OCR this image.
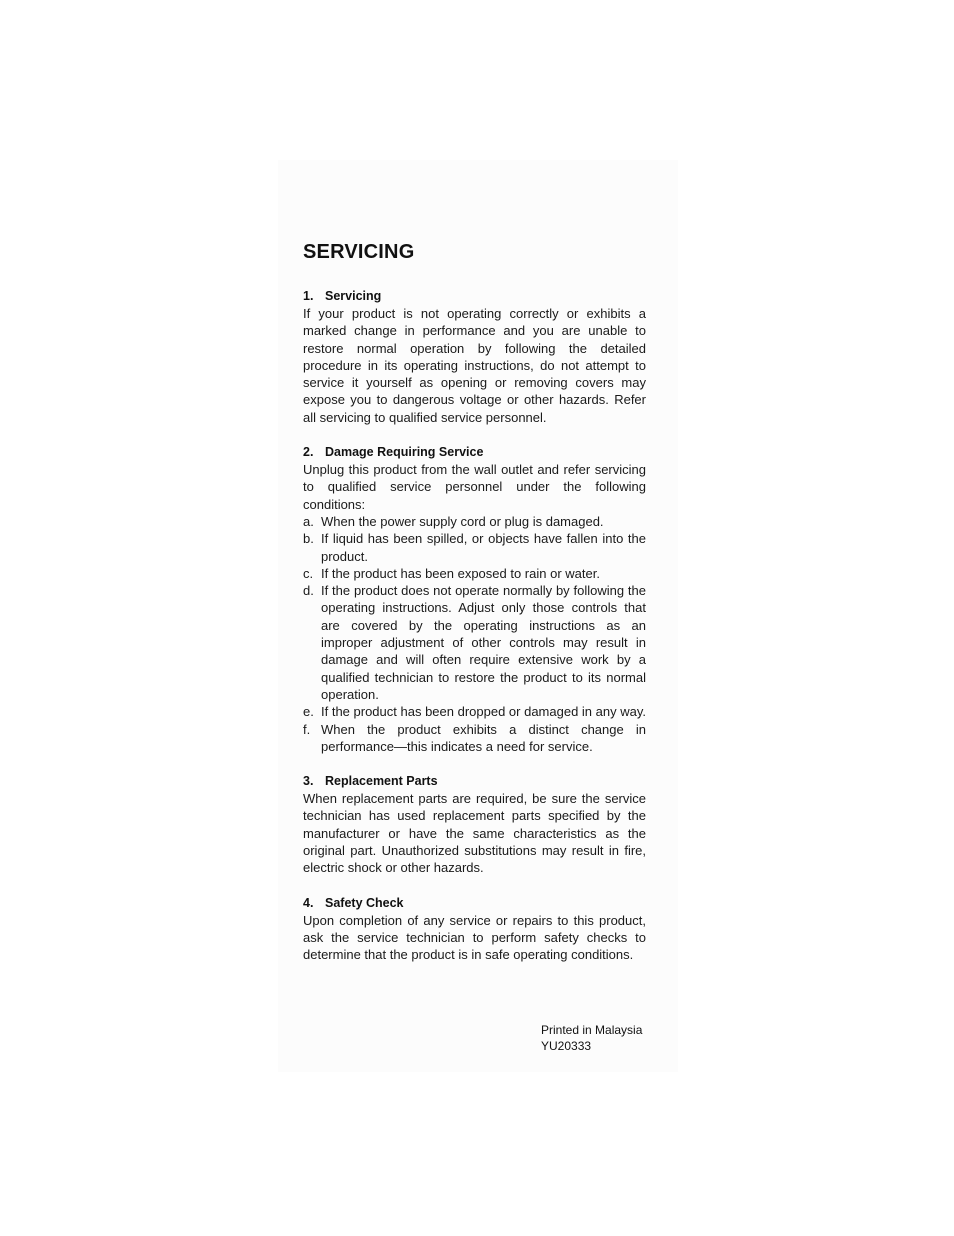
SERVICING

1. Servicing

If your product is not operating correctly or exhibits a marked change in performance and you are unable to restore normal operation by following the detailed procedure in its operating instructions, do not attempt to service it yourself as opening or removing covers may expose you to dangerous voltage or other hazards. Refer all servicing to qualified service personnel.

2. Damage Requiring Service

Unplug this product from the wall outlet and refer servicing to qualified service personnel under the following conditions:

a. When the power supply cord or plug is damaged.
b. If liquid has been spilled, or objects have fallen into the product.
c. If the product has been exposed to rain or water.
d. If the product does not operate normally by following the operating instructions. Adjust only those controls that are covered by the operating instructions as an improper adjustment of other controls may result in damage and will often require extensive work by a qualified technician to restore the product to its normal operation.
e. If the product has been dropped or damaged in any way.
f. When the product exhibits a distinct change in performance—this indicates a need for service.

3. Replacement Parts

When replacement parts are required, be sure the service technician has used replacement parts specified by the manufacturer or have the same characteristics as the original part. Unauthorized substitutions may result in fire, electric shock or other hazards.

4. Safety Check

Upon completion of any service or repairs to this product, ask the service technician to perform safety checks to determine that the product is in safe operating conditions.

Printed in Malaysia
YU20333
